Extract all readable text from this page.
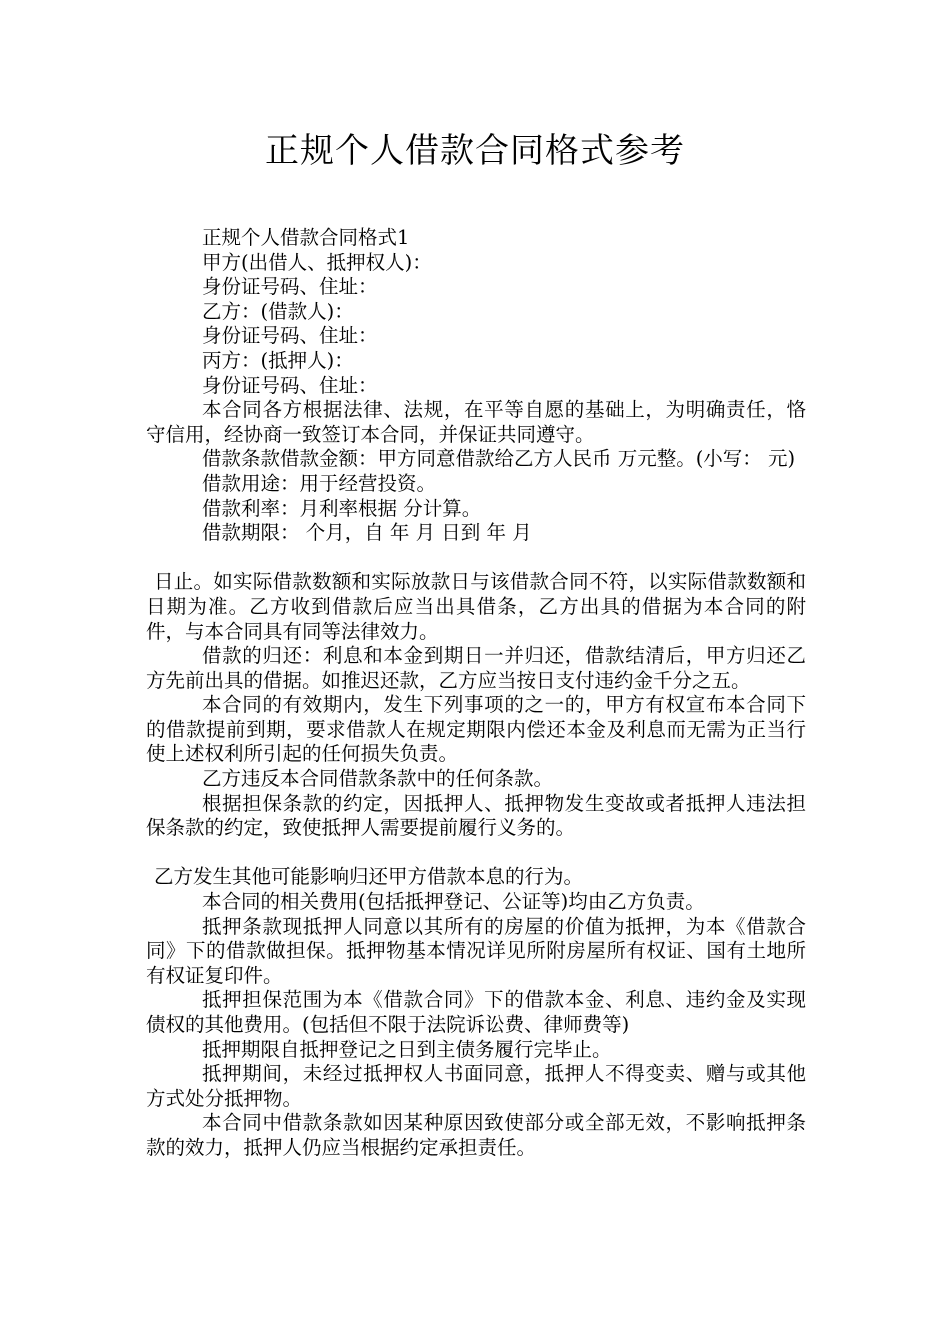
正规个人借款合同格式参考

正规个人借款合同格式1

甲方(出借人、抵押权人)：

身份证号码、住址：

乙方：(借款人)：

身份证号码、住址：

丙方：(抵押人)：

身份证号码、住址：

本合同各方根据法律、法规，在平等自愿的基础上，为明确责任，恪守信用，经协商一致签订本合同，并保证共同遵守。

借款条款借款金额：甲方同意借款给乙方人民币 万元整。(小写： 元)

借款用途：用于经营投资。

借款利率：月利率根据 分计算。

借款期限： 个月，自 年 月 日到 年 月

日止。如实际借款数额和实际放款日与该借款合同不符，以实际借款数额和日期为准。乙方收到借款后应当出具借条，乙方出具的借据为本合同的附件，与本合同具有同等法律效力。

借款的归还：利息和本金到期日一并归还，借款结清后，甲方归还乙方先前出具的借据。如推迟还款，乙方应当按日支付违约金千分之五。

本合同的有效期内，发生下列事项的之一的，甲方有权宣布本合同下的借款提前到期，要求借款人在规定期限内偿还本金及利息而无需为正当行使上述权利所引起的任何损失负责。

乙方违反本合同借款条款中的任何条款。

根据担保条款的约定，因抵押人、抵押物发生变故或者抵押人违法担保条款的约定，致使抵押人需要提前履行义务的。

乙方发生其他可能影响归还甲方借款本息的行为。

本合同的相关费用(包括抵押登记、公证等)均由乙方负责。

抵押条款现抵押人同意以其所有的房屋的价值为抵押，为本《借款合同》下的借款做担保。抵押物基本情况详见所附房屋所有权证、国有土地所有权证复印件。

抵押担保范围为本《借款合同》下的借款本金、利息、违约金及实现债权的其他费用。(包括但不限于法院诉讼费、律师费等)

抵押期限自抵押登记之日到主债务履行完毕止。

抵押期间，未经过抵押权人书面同意，抵押人不得变卖、赠与或其他方式处分抵押物。

本合同中借款条款如因某种原因致使部分或全部无效，不影响抵押条款的效力，抵押人仍应当根据约定承担责任。
